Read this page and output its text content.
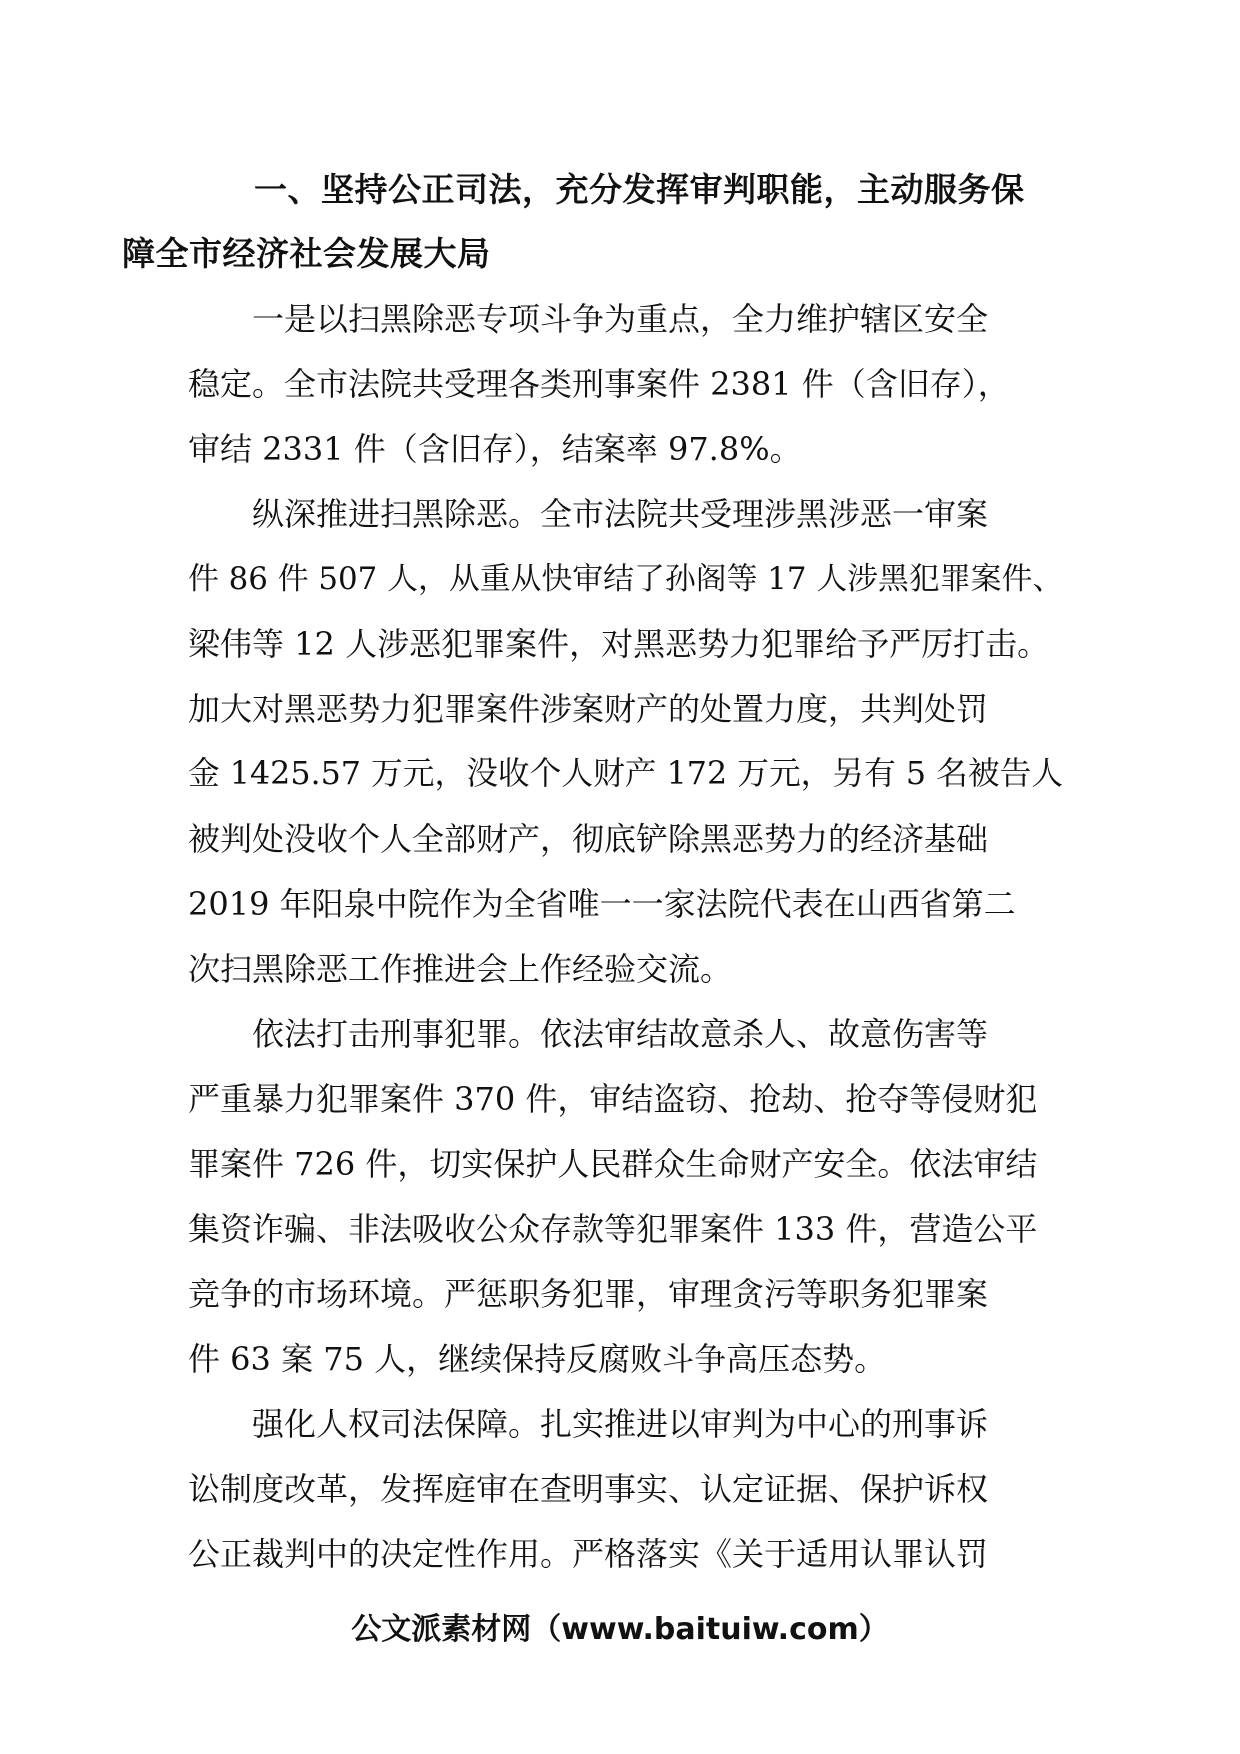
一、坚持公正司法，充分发挥审判职能，主动服务保
障全市经济社会发展大局
一是以扫黑除恶专项斗争为重点，全力维护辖区安全
稳定。全市法院共受理各类刑事案件 2381 件（含旧存），
审结 2331 件（含旧存），结案率 97.8%。
纵深推进扫黑除恶。全市法院共受理涉黑涉恶一审案
件 86 件 507 人，从重从快审结了孙阁等 17 人涉黑犯罪案件、
梁伟等 12 人涉恶犯罪案件，对黑恶势力犯罪给予严厉打击。
加大对黑恶势力犯罪案件涉案财产的处置力度，共判处罚
金 1425.57 万元，没收个人财产 172 万元，另有 5 名被告人
被判处没收个人全部财产，彻底铲除黑恶势力的经济基础
2019 年阳泉中院作为全省唯一一家法院代表在山西省第二
次扫黑除恶工作推进会上作经验交流。
依法打击刑事犯罪。依法审结故意杀人、故意伤害等
严重暴力犯罪案件 370 件，审结盗窃、抢劫、抢夺等侵财犯
罪案件 726 件，切实保护人民群众生命财产安全。依法审结
集资诈骗、非法吸收公众存款等犯罪案件 133 件，营造公平
竞争的市场环境。严惩职务犯罪，审理贪污等职务犯罪案
件 63 案 75 人，继续保持反腐败斗争高压态势。
强化人权司法保障。扎实推进以审判为中心的刑事诉
讼制度改革，发挥庭审在查明事实、认定证据、保护诉权
公正裁判中的决定性作用。严格落实《关于适用认罪认罚
公文派素材网（www.baituiw.com）
